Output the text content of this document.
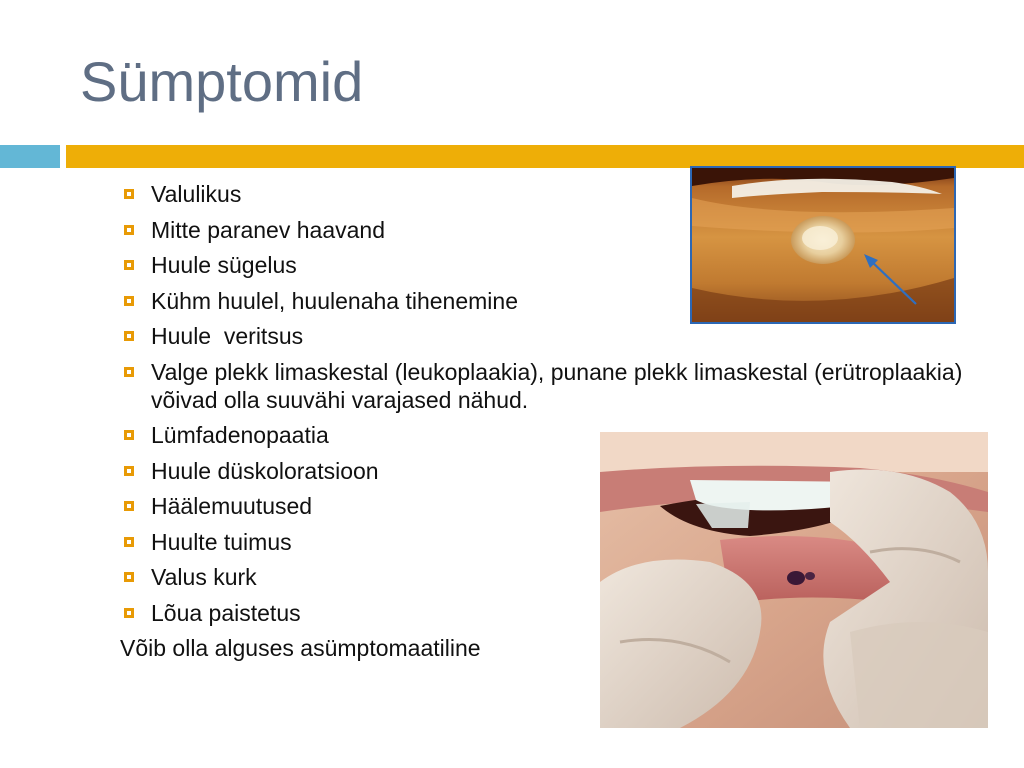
Sümptomid
Valulikus
Mitte paranev haavand
Huule sügelus
Kühm huulel, huulenaha tihenemine
Huule  veritsus
Valge plekk limaskestal (leukoplaakia), punane plekk limaskestal (erütroplaakia) võivad olla suuvähi varajased nähud.
Lümfadenopaatia
Huule düskoloratsioon
Häälemuutused
Huulte tuimus
Valus kurk
Lõua paistetus
Võib olla alguses asümptomaatiline
